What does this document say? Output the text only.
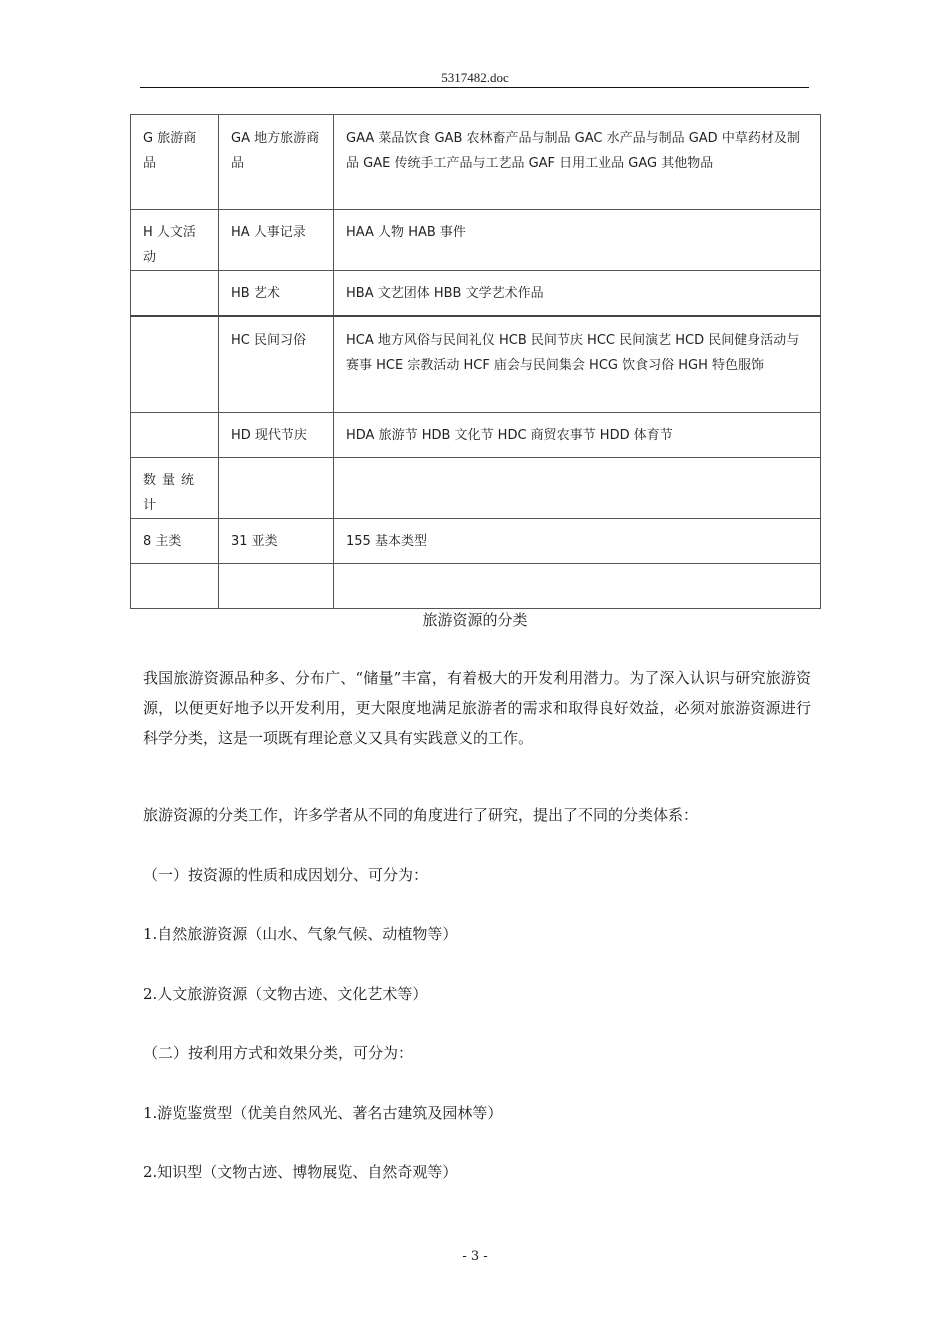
5317482.doc
G 旅游商品	GA 地方旅游商品	GAA 菜品饮食 GAB 农林畜产品与制品 GAC 水产品与制品 GAD 中草药材及制品 GAE 传统手工产品与工艺品 GAF 日用工业品 GAG 其他物品
H 人文活动	HA 人事记录	HAA 人物 HAB 事件
	HB 艺术	HBA 文艺团体 HBB 文学艺术作品
	HC 民间习俗	HCA 地方风俗与民间礼仪 HCB 民间节庆 HCC 民间演艺 HCD 民间健身活动与赛事 HCE 宗教活动 HCF 庙会与民间集会 HCG 饮食习俗 HGH 特色服饰
	HD 现代节庆	HDA 旅游节 HDB 文化节 HDC 商贸农事节 HDD 体育节
数量统计		
8 主类	31 亚类	155 基本类型

旅游资源的分类

我国旅游资源品种多、分布广、“储量”丰富，有着极大的开发利用潜力。为了深入认识与研究旅游资源，以便更好地予以开发利用，更大限度地满足旅游者的需求和取得良好效益，必须对旅游资源进行科学分类，这是一项既有理论意义又具有实践意义的工作。

旅游资源的分类工作，许多学者从不同的角度进行了研究，提出了不同的分类体系：

（一）按资源的性质和成因划分、可分为：
1.自然旅游资源（山水、气象气候、动植物等）
2.人文旅游资源（文物古迹、文化艺术等）
（二）按利用方式和效果分类，可分为：
1.游览鉴赏型（优美自然风光、著名古建筑及园林等）
2.知识型（文物古迹、博物展览、自然奇观等）
- 3 -
